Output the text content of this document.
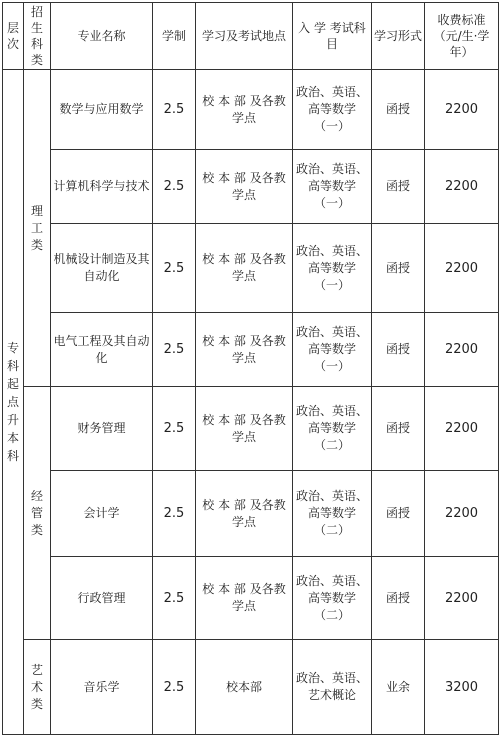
层次	招生科类	专业名称	学制	学习及考试地点	入 学 考试科目	学习形式	收费标准（元/生·学年）
专科起点升本科	理工类	数学与应用数学	2.5	校 本 部 及各教学点	政治、英语、高等数学（一）	函授	2200
		计算机科学与技术	2.5	校 本 部 及各教学点	政治、英语、高等数学（一）	函授	2200
		机械设计制造及其自动化	2.5	校 本 部 及各教学点	政治、英语、高等数学（一）	函授	2200
		电气工程及其自动化	2.5	校 本 部 及各教学点	政治、英语、高等数学（一）	函授	2200
	经管类	财务管理	2.5	校 本 部 及各教学点	政治、英语、高等数学（二）	函授	2200
		会计学	2.5	校 本 部 及各教学点	政治、英语、高等数学（二）	函授	2200
		行政管理	2.5	校 本 部 及各教学点	政治、英语、高等数学（二）	函授	2200
	艺术类	音乐学	2.5	校本部	政治、英语、艺术概论	业余	3200
